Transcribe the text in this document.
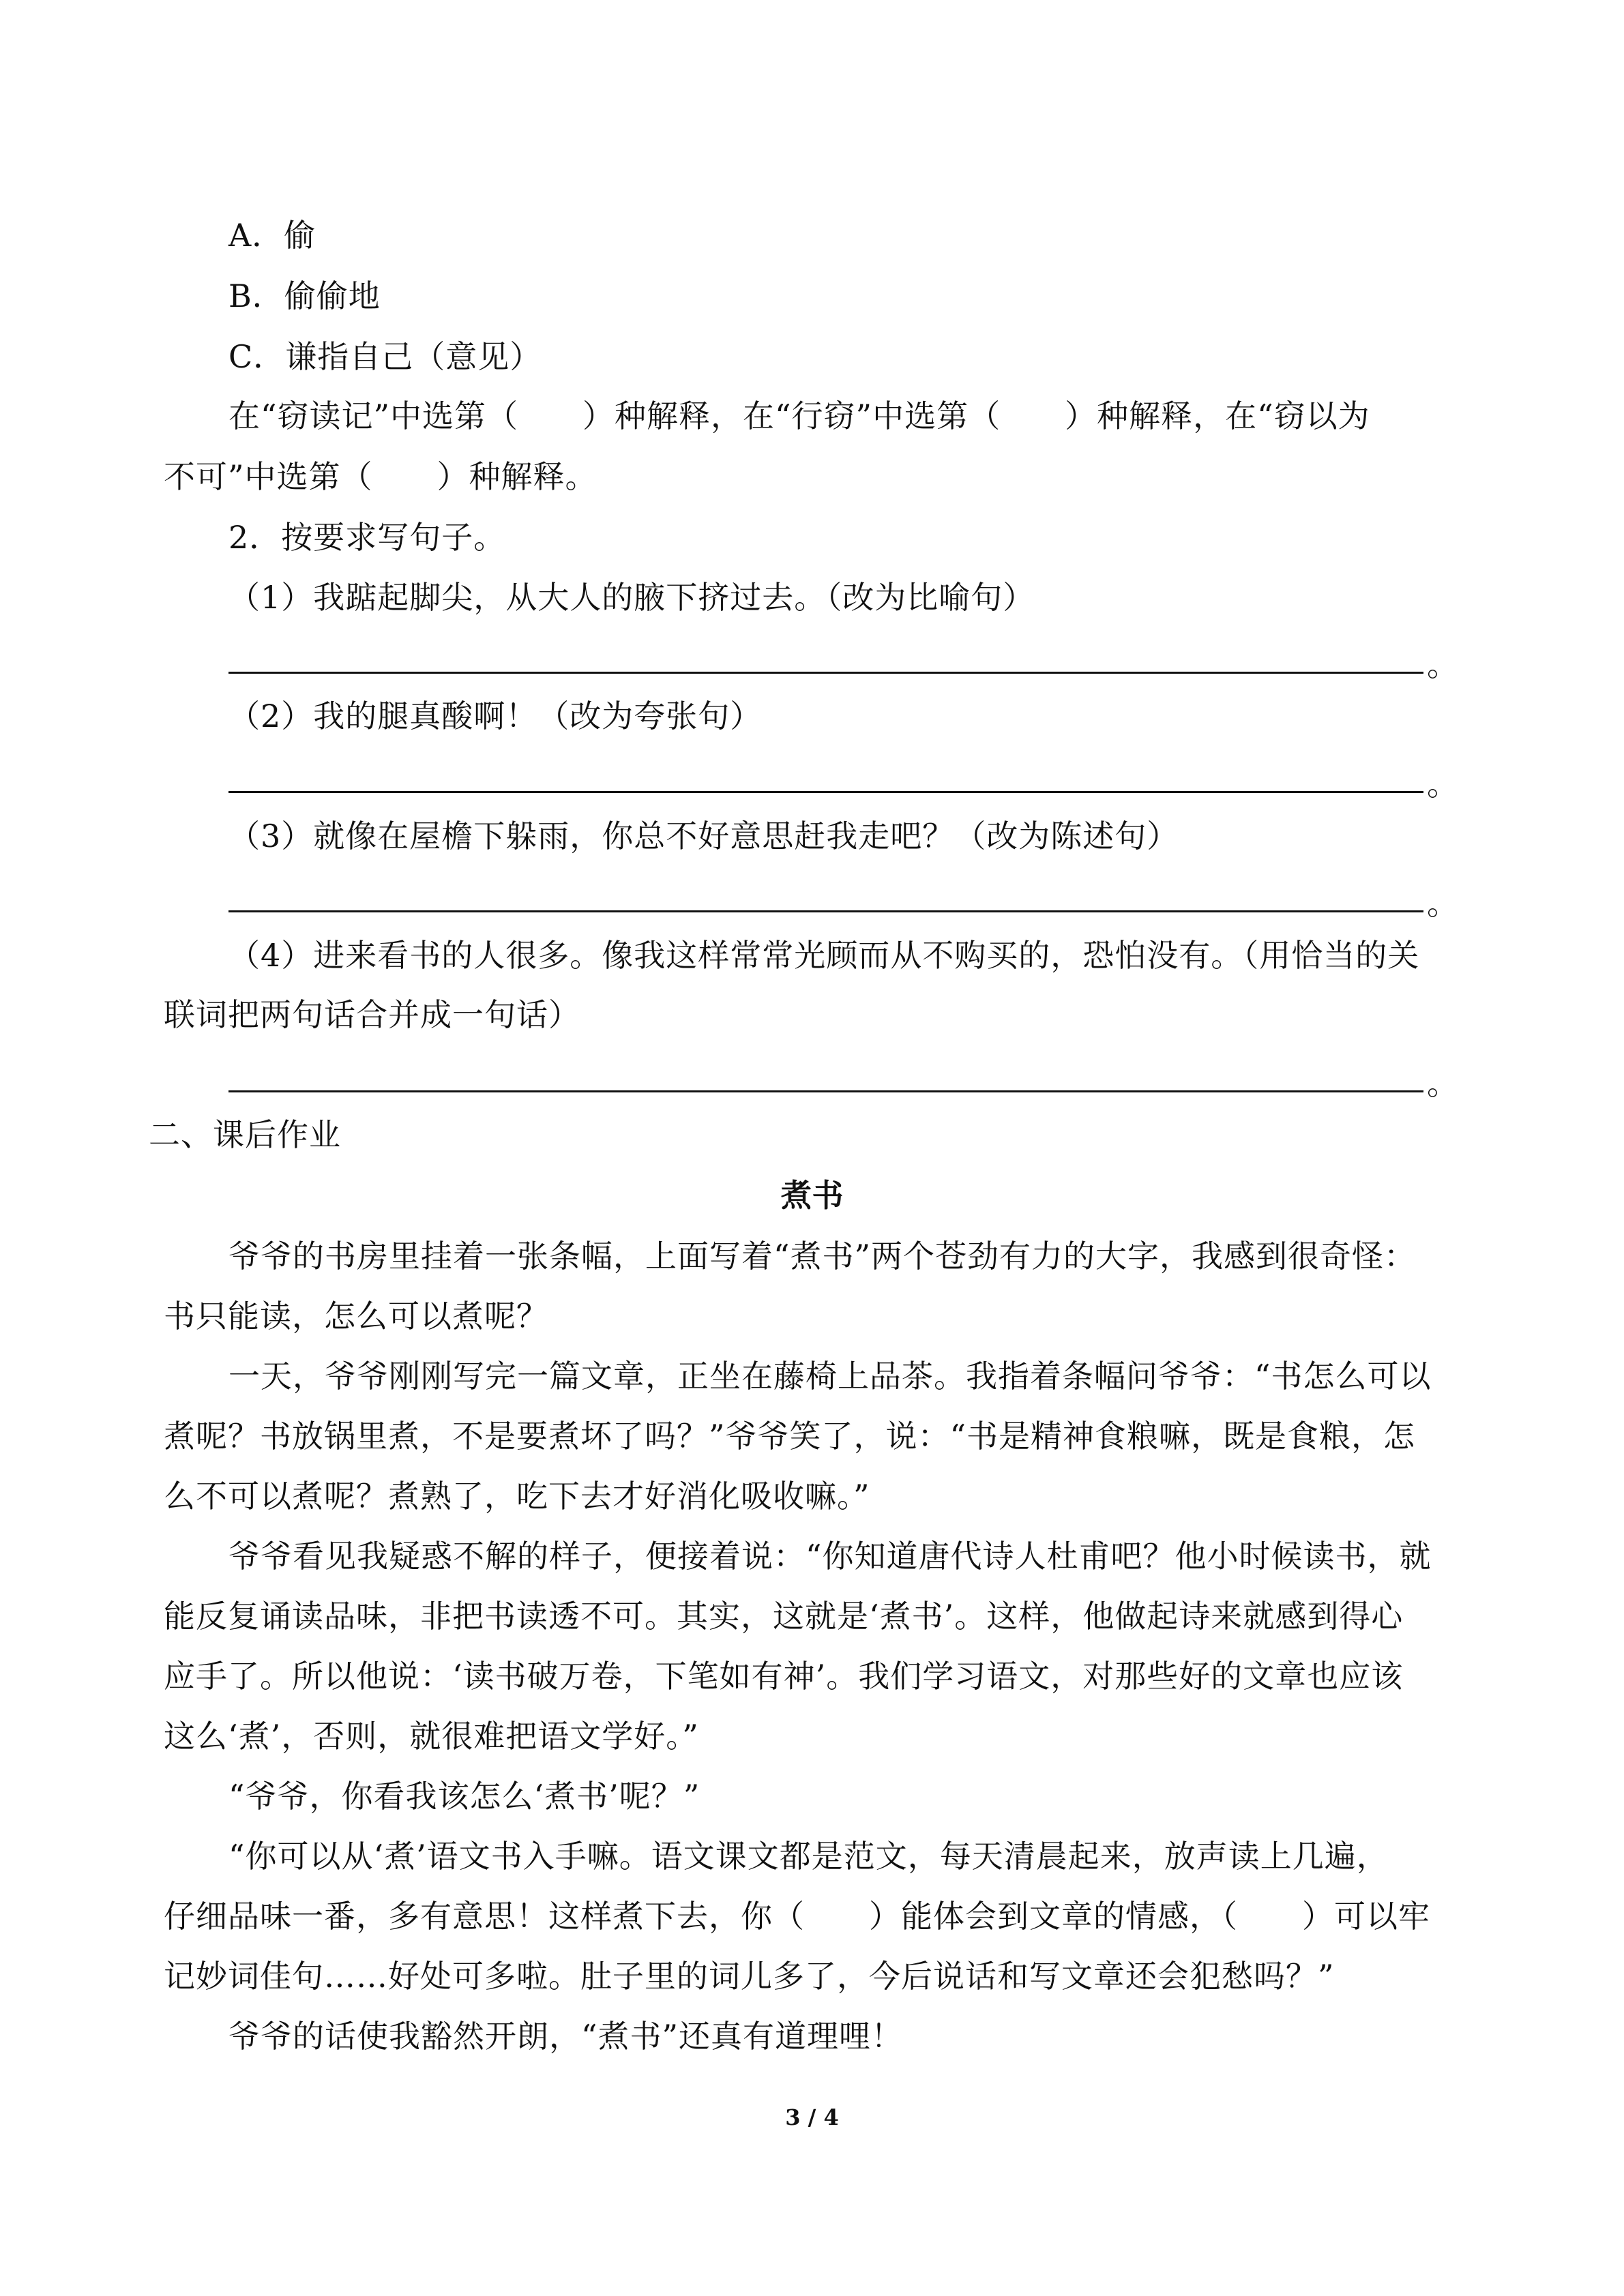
A．偷
B．偷偷地
C．谦指自己（意见）
在“窃读记”中选第（　　）种解释，在“行窃”中选第（　　）种解释，在“窃以为
不可”中选第（　　）种解释。
2．按要求写句子。
（1）我踮起脚尖，从大人的腋下挤过去。（改为比喻句）
。
（2）我的腿真酸啊！（改为夸张句）
。
（3）就像在屋檐下躲雨，你总不好意思赶我走吧？（改为陈述句）
。
（4）进来看书的人很多。像我这样常常光顾而从不购买的，恐怕没有。（用恰当的关
联词把两句话合并成一句话）
。
二、课后作业
煮书
爷爷的书房里挂着一张条幅，上面写着“煮书”两个苍劲有力的大字，我感到很奇怪：
书只能读，怎么可以煮呢？
一天，爷爷刚刚写完一篇文章，正坐在藤椅上品茶。我指着条幅问爷爷：“书怎么可以
煮呢？书放锅里煮，不是要煮坏了吗？”爷爷笑了，说：“书是精神食粮嘛，既是食粮，怎
么不可以煮呢？煮熟了，吃下去才好消化吸收嘛。”
爷爷看见我疑惑不解的样子，便接着说：“你知道唐代诗人杜甫吧？他小时候读书，就
能反复诵读品味，非把书读透不可。其实，这就是‘煮书’。这样，他做起诗来就感到得心
应手了。所以他说：‘读书破万卷，下笔如有神’。我们学习语文，对那些好的文章也应该
这么‘煮’，否则，就很难把语文学好。”
“爷爷，你看我该怎么‘煮书’呢？”
“你可以从‘煮’语文书入手嘛。语文课文都是范文，每天清晨起来，放声读上几遍，
仔细品味一番，多有意思！这样煮下去，你（　　）能体会到文章的情感，（　　）可以牢
记妙词佳句……好处可多啦。肚子里的词儿多了，今后说话和写文章还会犯愁吗？”
爷爷的话使我豁然开朗，“煮书”还真有道理哩！
3 / 4
